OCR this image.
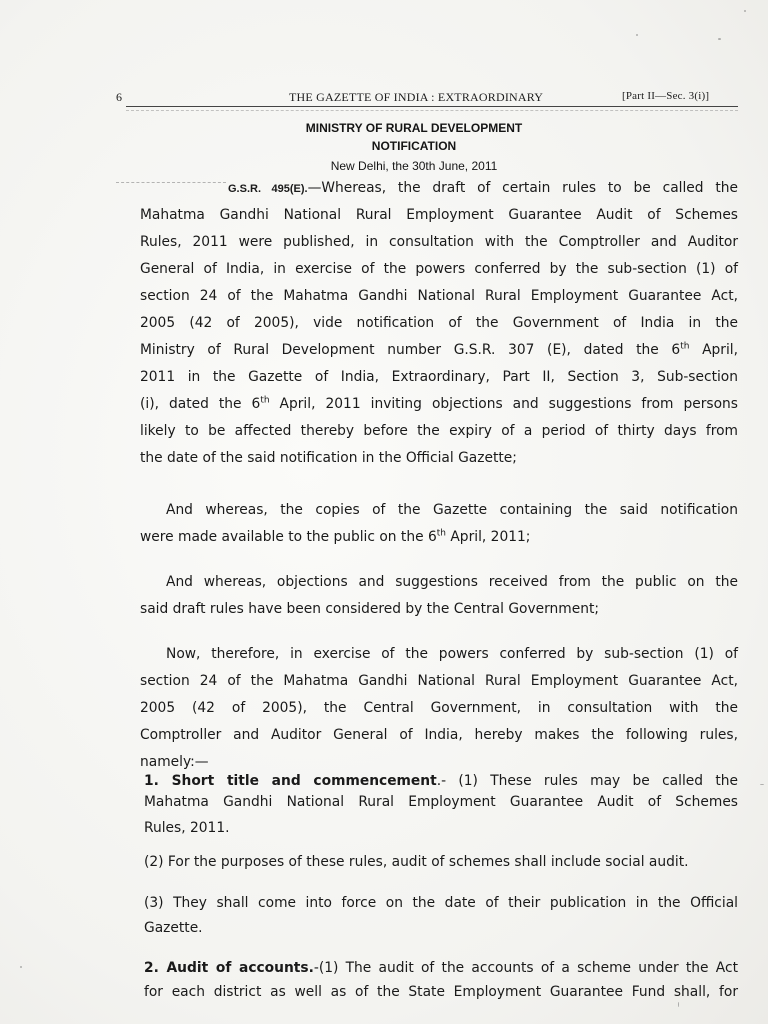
6	THE GAZETTE OF INDIA : EXTRAORDINARY	[Part II—Sec. 3(i)]
MINISTRY OF RURAL DEVELOPMENT
NOTIFICATION
New Delhi, the 30th June, 2011
G.S.R. 495(E).—Whereas, the draft of certain rules to be called the
Mahatma Gandhi National Rural Employment Guarantee Audit of Schemes
Rules, 2011 were published, in consultation with the Comptroller and Auditor
General of India, in exercise of the powers conferred by the sub-section (1) of
section 24 of the Mahatma Gandhi National Rural Employment Guarantee Act,
2005 (42 of 2005), vide notification of the Government of India in the
Ministry of Rural Development number G.S.R. 307 (E), dated the 6th April,
2011 in the Gazette of India, Extraordinary, Part II, Section 3, Sub-section
(i), dated the 6th April, 2011 inviting objections and suggestions from persons
likely to be affected thereby before the expiry of a period of thirty days from
the date of the said notification in the Official Gazette;
And whereas, the copies of the Gazette containing the said notification
were made available to the public on the 6th April, 2011;
And whereas, objections and suggestions received from the public on the
said draft rules have been considered by the Central Government;
Now, therefore, in exercise of the powers conferred by sub-section (1) of
section 24 of the Mahatma Gandhi National Rural Employment Guarantee Act,
2005 (42 of 2005), the Central Government, in consultation with the
Comptroller and Auditor General of India, hereby makes the following rules,
namely:—
1. Short title and commencement.- (1) These rules may be called the
Mahatma Gandhi National Rural Employment Guarantee Audit of Schemes
Rules, 2011.
(2) For the purposes of these rules, audit of schemes shall include social audit.
(3) They shall come into force on the date of their publication in the Official
Gazette.
2. Audit of accounts.-(1) The audit of the accounts of a scheme under the Act
for each district as well as of the State Employment Guarantee Fund shall, for
